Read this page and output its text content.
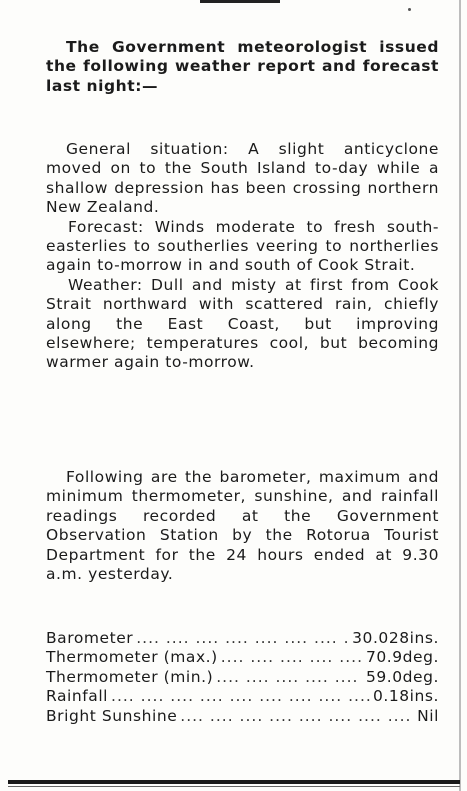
The Government meteorologist issued the following weather report and forecast last night:—

General situation: A slight anticyclone moved on to the South Island to-day while a shallow depression has been crossing northern New Zealand.

Forecast: Winds moderate to fresh south-easterlies to southerlies veering to northerlies again to-morrow in and south of Cook Strait.

Weather: Dull and misty at first from Cook Strait northward with scattered rain, chiefly along the East Coast, but improving elsewhere; temperatures cool, but becoming warmer again to-morrow.

Following are the barometer, maximum and minimum thermometer, sunshine, and rainfall readings recorded at the Government Observation Station by the Rotorua Tourist Department for the 24 hours ended at 9.30 a.m. yesterday.

Barometer ....	30.028ins.
Thermometer (max.) ....	70.9deg.
Thermometer (min.) ....	59.0deg.
Rainfall ....	0.18ins.
Bright Sunshine ....	Nil
